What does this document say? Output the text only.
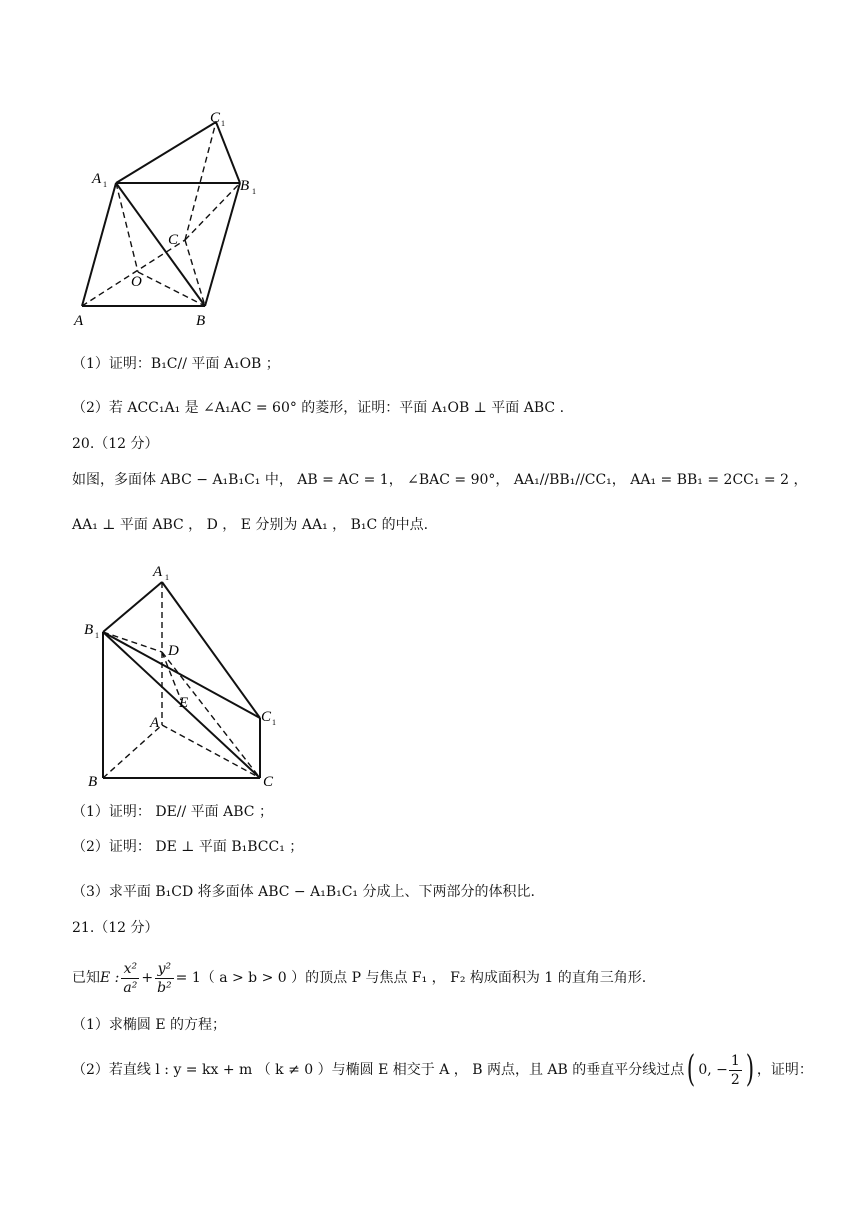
A	B
O
C
A 1	B 1
C 1
（1）证明：B₁C// 平面 A₁OB ；
（2）若 ACC₁A₁ 是 ∠A₁AC = 60° 的菱形，证明：平面 A₁OB ⊥ 平面 ABC .
20.（12 分）
如图，多面体 ABC − A₁B₁C₁ 中， AB = AC = 1， ∠BAC = 90°， AA₁//BB₁//CC₁， AA₁ = BB₁ = 2CC₁ = 2 ，
AA₁ ⊥ 平面 ABC ， D ， E 分别为 AA₁ ， B₁C 的中点.
A 1
B 1
D
E
A	C 1
B	C
（1）证明： DE// 平面 ABC ；
（2）证明： DE ⊥ 平面 B₁BCC₁ ；
（3）求平面 B₁CD 将多面体 ABC − A₁B₁C₁ 分成上、下两部分的体积比.
21.（12 分）
已知 E : $\frac{\text{x²}}{\text{a²}} + \frac{\text{y²}}{\text{b²}} = 1$（ a > b > 0 ）的顶点 P 与焦点 F₁ ， F₂ 构成面积为 1 的直角三角形.
（1）求椭圆 E 的方程；
（2）若直线 l : y = kx + m （ k ≠ 0 ）与椭圆 E 相交于 A ， B 两点，且 AB 的垂直平分线过点 ( 0, − $\frac{1}{2}$ ) ，证明：
